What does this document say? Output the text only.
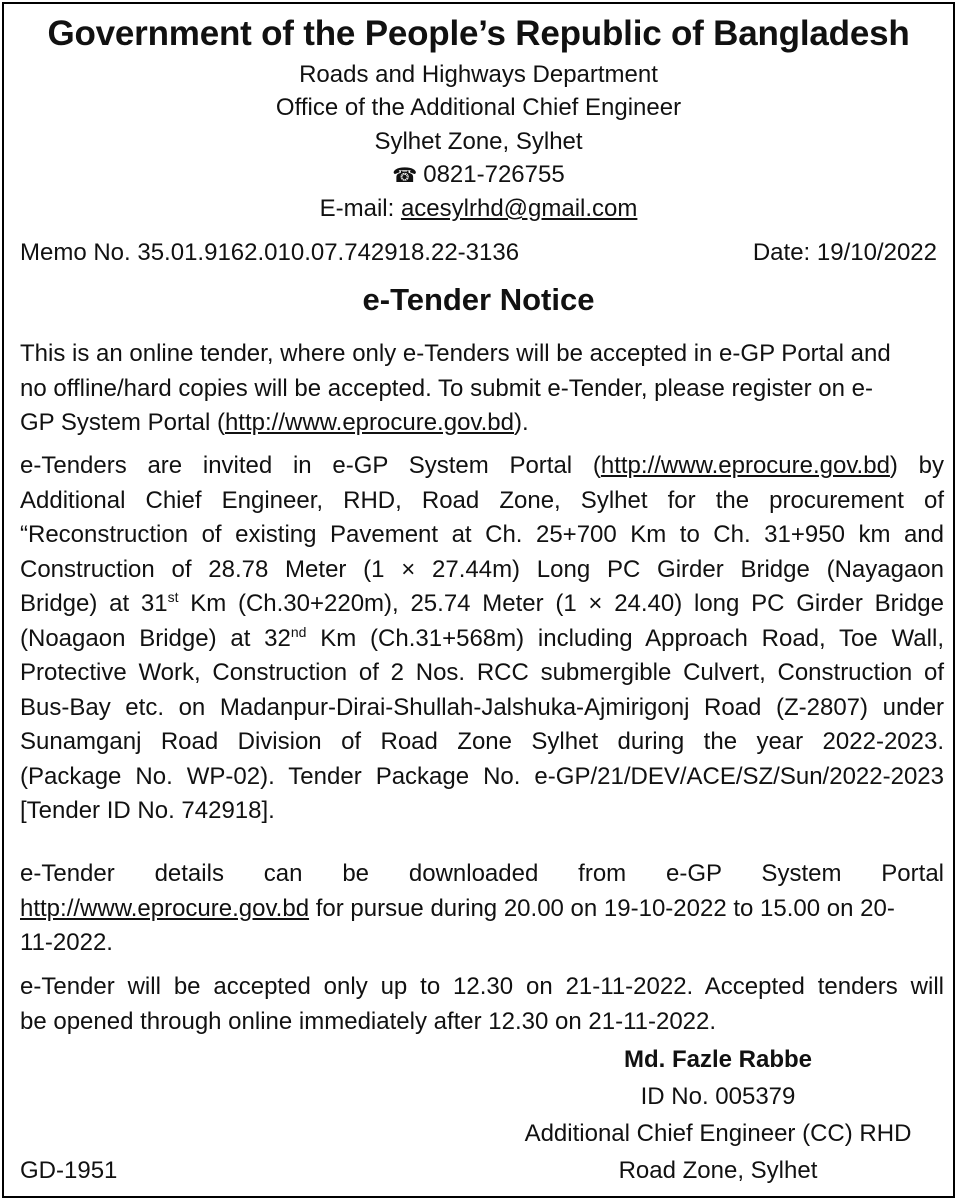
Government of the People’s Republic of Bangladesh
Roads and Highways Department
Office of the Additional Chief Engineer
Sylhet Zone, Sylhet
☎ 0821-726755
E-mail: acesylrhd@gmail.com
Memo No. 35.01.9162.010.07.742918.22-3136	Date: 19/10/2022
e-Tender Notice
This is an online tender, where only e-Tenders will be accepted in e-GP Portal and
no offline/hard copies will be accepted. To submit e-Tender, please register on e-
GP System Portal (http://www.eprocure.gov.bd).
e-Tenders are invited in e-GP System Portal (http://www.eprocure.gov.bd) by
Additional Chief Engineer, RHD, Road Zone, Sylhet for the procurement of
“Reconstruction of existing Pavement at Ch. 25+700 Km to Ch. 31+950 km and
Construction of 28.78 Meter (1 × 27.44m) Long PC Girder Bridge (Nayagaon
Bridge) at 31st Km (Ch.30+220m), 25.74 Meter (1 × 24.40) long PC Girder Bridge
(Noagaon Bridge) at 32nd Km (Ch.31+568m) including Approach Road, Toe Wall,
Protective Work, Construction of 2 Nos. RCC submergible Culvert, Construction of
Bus-Bay etc. on Madanpur-Dirai-Shullah-Jalshuka-Ajmirigonj Road (Z-2807) under
Sunamganj Road Division of Road Zone Sylhet during the year 2022-2023.
(Package No. WP-02). Tender Package No. e-GP/21/DEV/ACE/SZ/Sun/2022-2023
[Tender ID No. 742918].
e-Tender details can be downloaded from e-GP System Portal
http://www.eprocure.gov.bd for pursue during 20.00 on 19-10-2022 to 15.00 on 20-
11-2022.
e-Tender will be accepted only up to 12.30 on 21-11-2022. Accepted tenders will
be opened through online immediately after 12.30 on 21-11-2022.
Md. Fazle Rabbe
ID No. 005379
Additional Chief Engineer (CC) RHD
Road Zone, Sylhet
GD-1951
